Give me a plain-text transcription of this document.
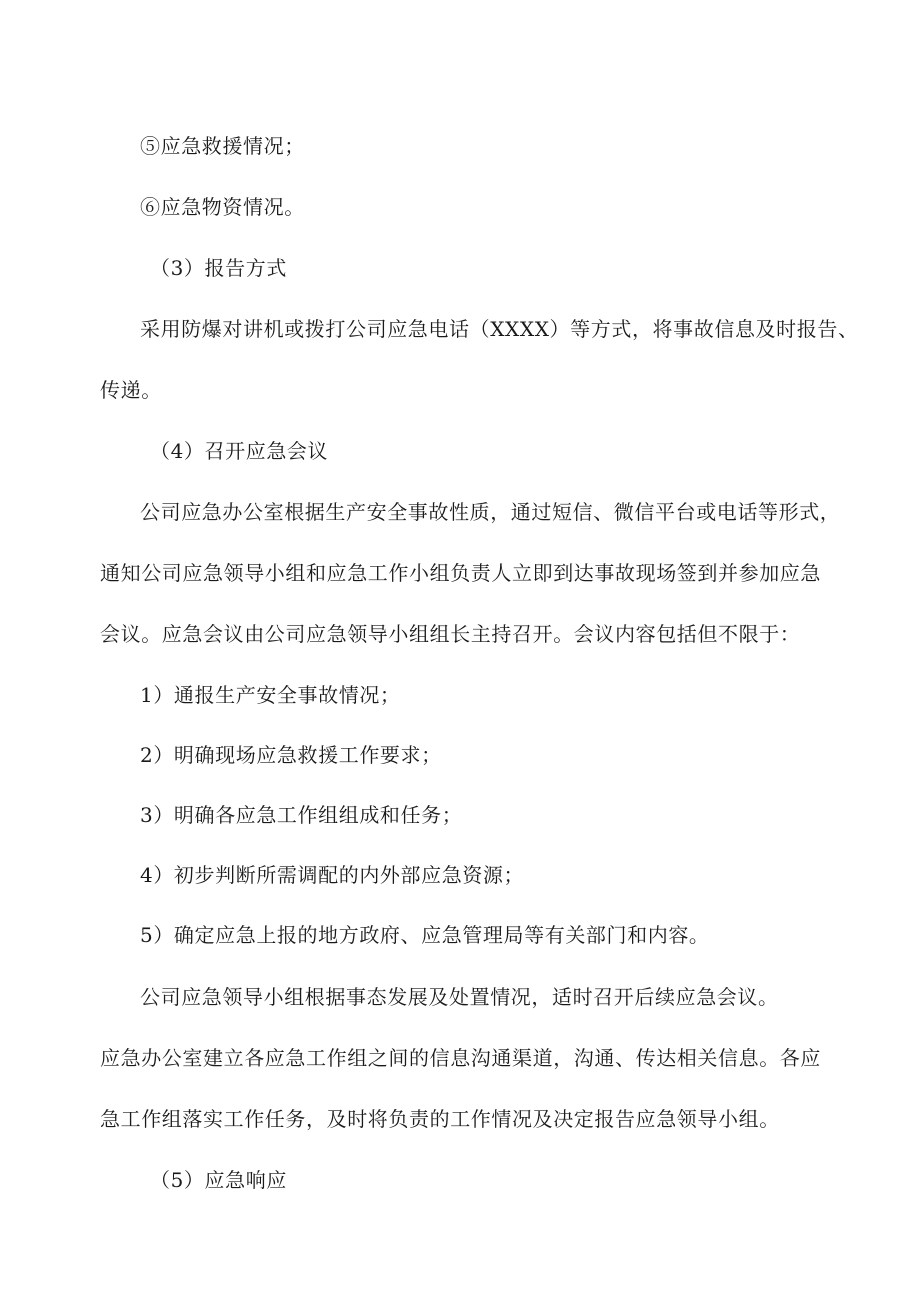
⑤应急救援情况；
⑥应急物资情况。
（3）报告方式
采用防爆对讲机或拨打公司应急电话（XXXX）等方式，将事故信息及时报告、
传递。
（4）召开应急会议
公司应急办公室根据生产安全事故性质，通过短信、微信平台或电话等形式，
通知公司应急领导小组和应急工作小组负责人立即到达事故现场签到并参加应急
会议。应急会议由公司应急领导小组组长主持召开。会议内容包括但不限于：
1）通报生产安全事故情况；
2）明确现场应急救援工作要求；
3）明确各应急工作组组成和任务；
4）初步判断所需调配的内外部应急资源；
5）确定应急上报的地方政府、应急管理局等有关部门和内容。
公司应急领导小组根据事态发展及处置情况，适时召开后续应急会议。
应急办公室建立各应急工作组之间的信息沟通渠道，沟通、传达相关信息。各应
急工作组落实工作任务，及时将负责的工作情况及决定报告应急领导小组。
（5）应急响应
